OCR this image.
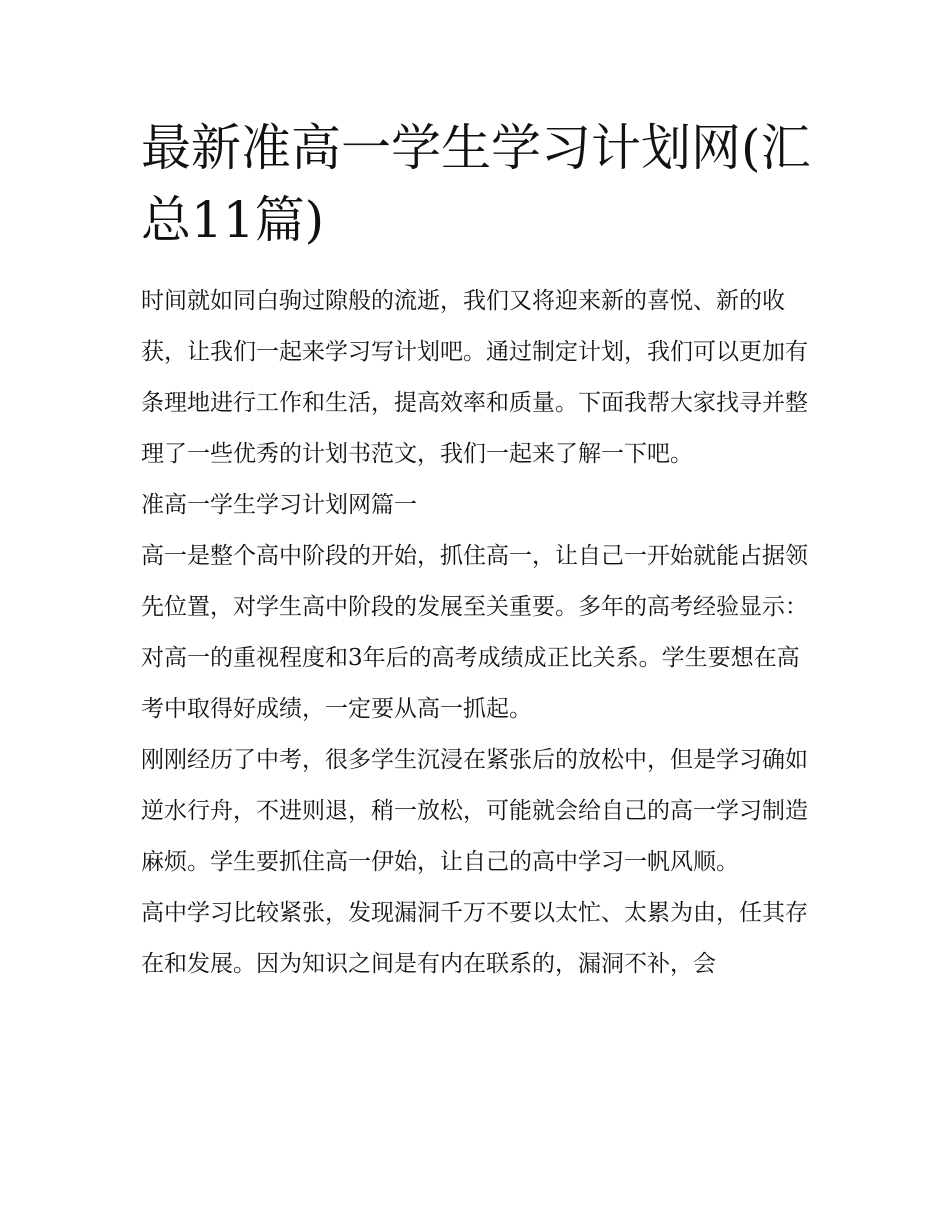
最新准高一学生学习计划网(汇总11篇)

时间就如同白驹过隙般的流逝，我们又将迎来新的喜悦、新的收获，让我们一起来学习写计划吧。通过制定计划，我们可以更加有条理地进行工作和生活，提高效率和质量。下面我帮大家找寻并整理了一些优秀的计划书范文，我们一起来了解一下吧。

准高一学生学习计划网篇一

高一是整个高中阶段的开始，抓住高一，让自己一开始就能占据领先位置，对学生高中阶段的发展至关重要。多年的高考经验显示：对高一的重视程度和3年后的高考成绩成正比关系。学生要想在高考中取得好成绩，一定要从高一抓起。

刚刚经历了中考，很多学生沉浸在紧张后的放松中，但是学习确如逆水行舟，不进则退，稍一放松，可能就会给自己的高一学习制造麻烦。学生要抓住高一伊始，让自己的高中学习一帆风顺。

高中学习比较紧张，发现漏洞千万不要以太忙、太累为由，任其存在和发展。因为知识之间是有内在联系的，漏洞不补，会
